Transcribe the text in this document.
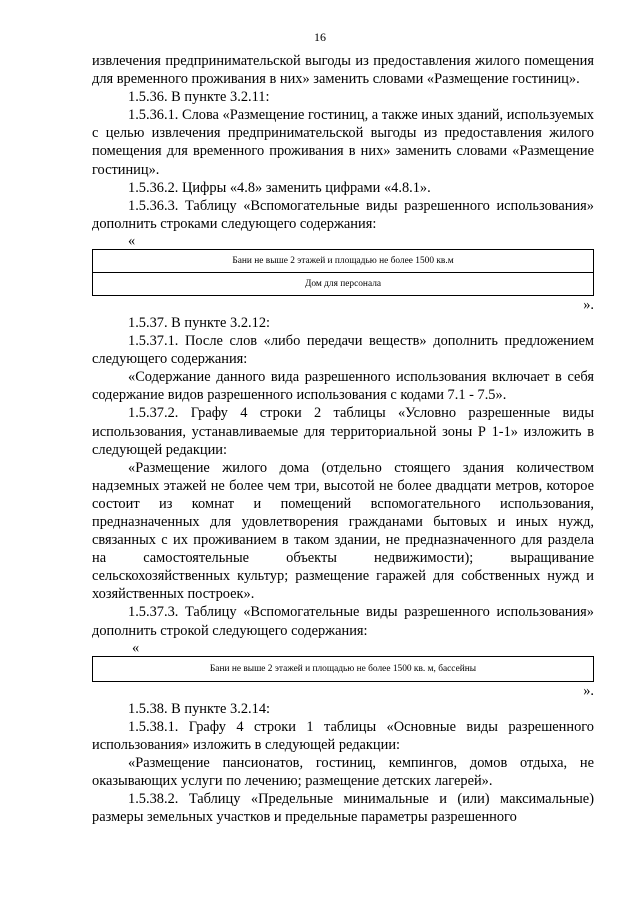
16

извлечения предпринимательской выгоды из предоставления жилого помещения для временного проживания в них» заменить словами «Размещение гостиниц».

1.5.36. В пункте 3.2.11:

1.5.36.1. Слова «Размещение гостиниц, а также иных зданий, используемых с целью извлечения предпринимательской выгоды из предоставления жилого помещения для временного проживания в них» заменить словами «Размещение гостиниц».

1.5.36.2. Цифры «4.8» заменить цифрами «4.8.1».

1.5.36.3. Таблицу «Вспомогательные виды разрешенного использования» дополнить строками следующего содержания:

«

Бани не выше 2 этажей и площадью не более 1500 кв.м
Дом для персонала

».

1.5.37. В пункте 3.2.12:

1.5.37.1. После слов «либо передачи веществ» дополнить предложением следующего содержания:

«Содержание данного вида разрешенного использования включает в себя содержание видов разрешенного использования с кодами 7.1 - 7.5».

1.5.37.2. Графу 4 строки 2 таблицы «Условно разрешенные виды использования, устанавливаемые для территориальной зоны Р 1-1» изложить в следующей редакции:

«Размещение жилого дома (отдельно стоящего здания количеством надземных этажей не более чем три, высотой не более двадцати метров, которое состоит из комнат и помещений вспомогательного использования, предназначенных для удовлетворения гражданами бытовых и иных нужд, связанных с их проживанием в таком здании, не предназначенного для раздела на самостоятельные объекты недвижимости); выращивание сельскохозяйственных культур; размещение гаражей для собственных нужд и хозяйственных построек».

1.5.37.3. Таблицу «Вспомогательные виды разрешенного использования» дополнить строкой следующего содержания:

«

Бани не выше 2 этажей и площадью не более 1500 кв. м, бассейны

».

1.5.38. В пункте 3.2.14:

1.5.38.1. Графу 4 строки 1 таблицы «Основные виды разрешенного использования» изложить в следующей редакции:

«Размещение пансионатов, гостиниц, кемпингов, домов отдыха, не оказывающих услуги по лечению; размещение детских лагерей».

1.5.38.2. Таблицу «Предельные минимальные и (или) максимальные) размеры земельных участков и предельные параметры разрешенного
